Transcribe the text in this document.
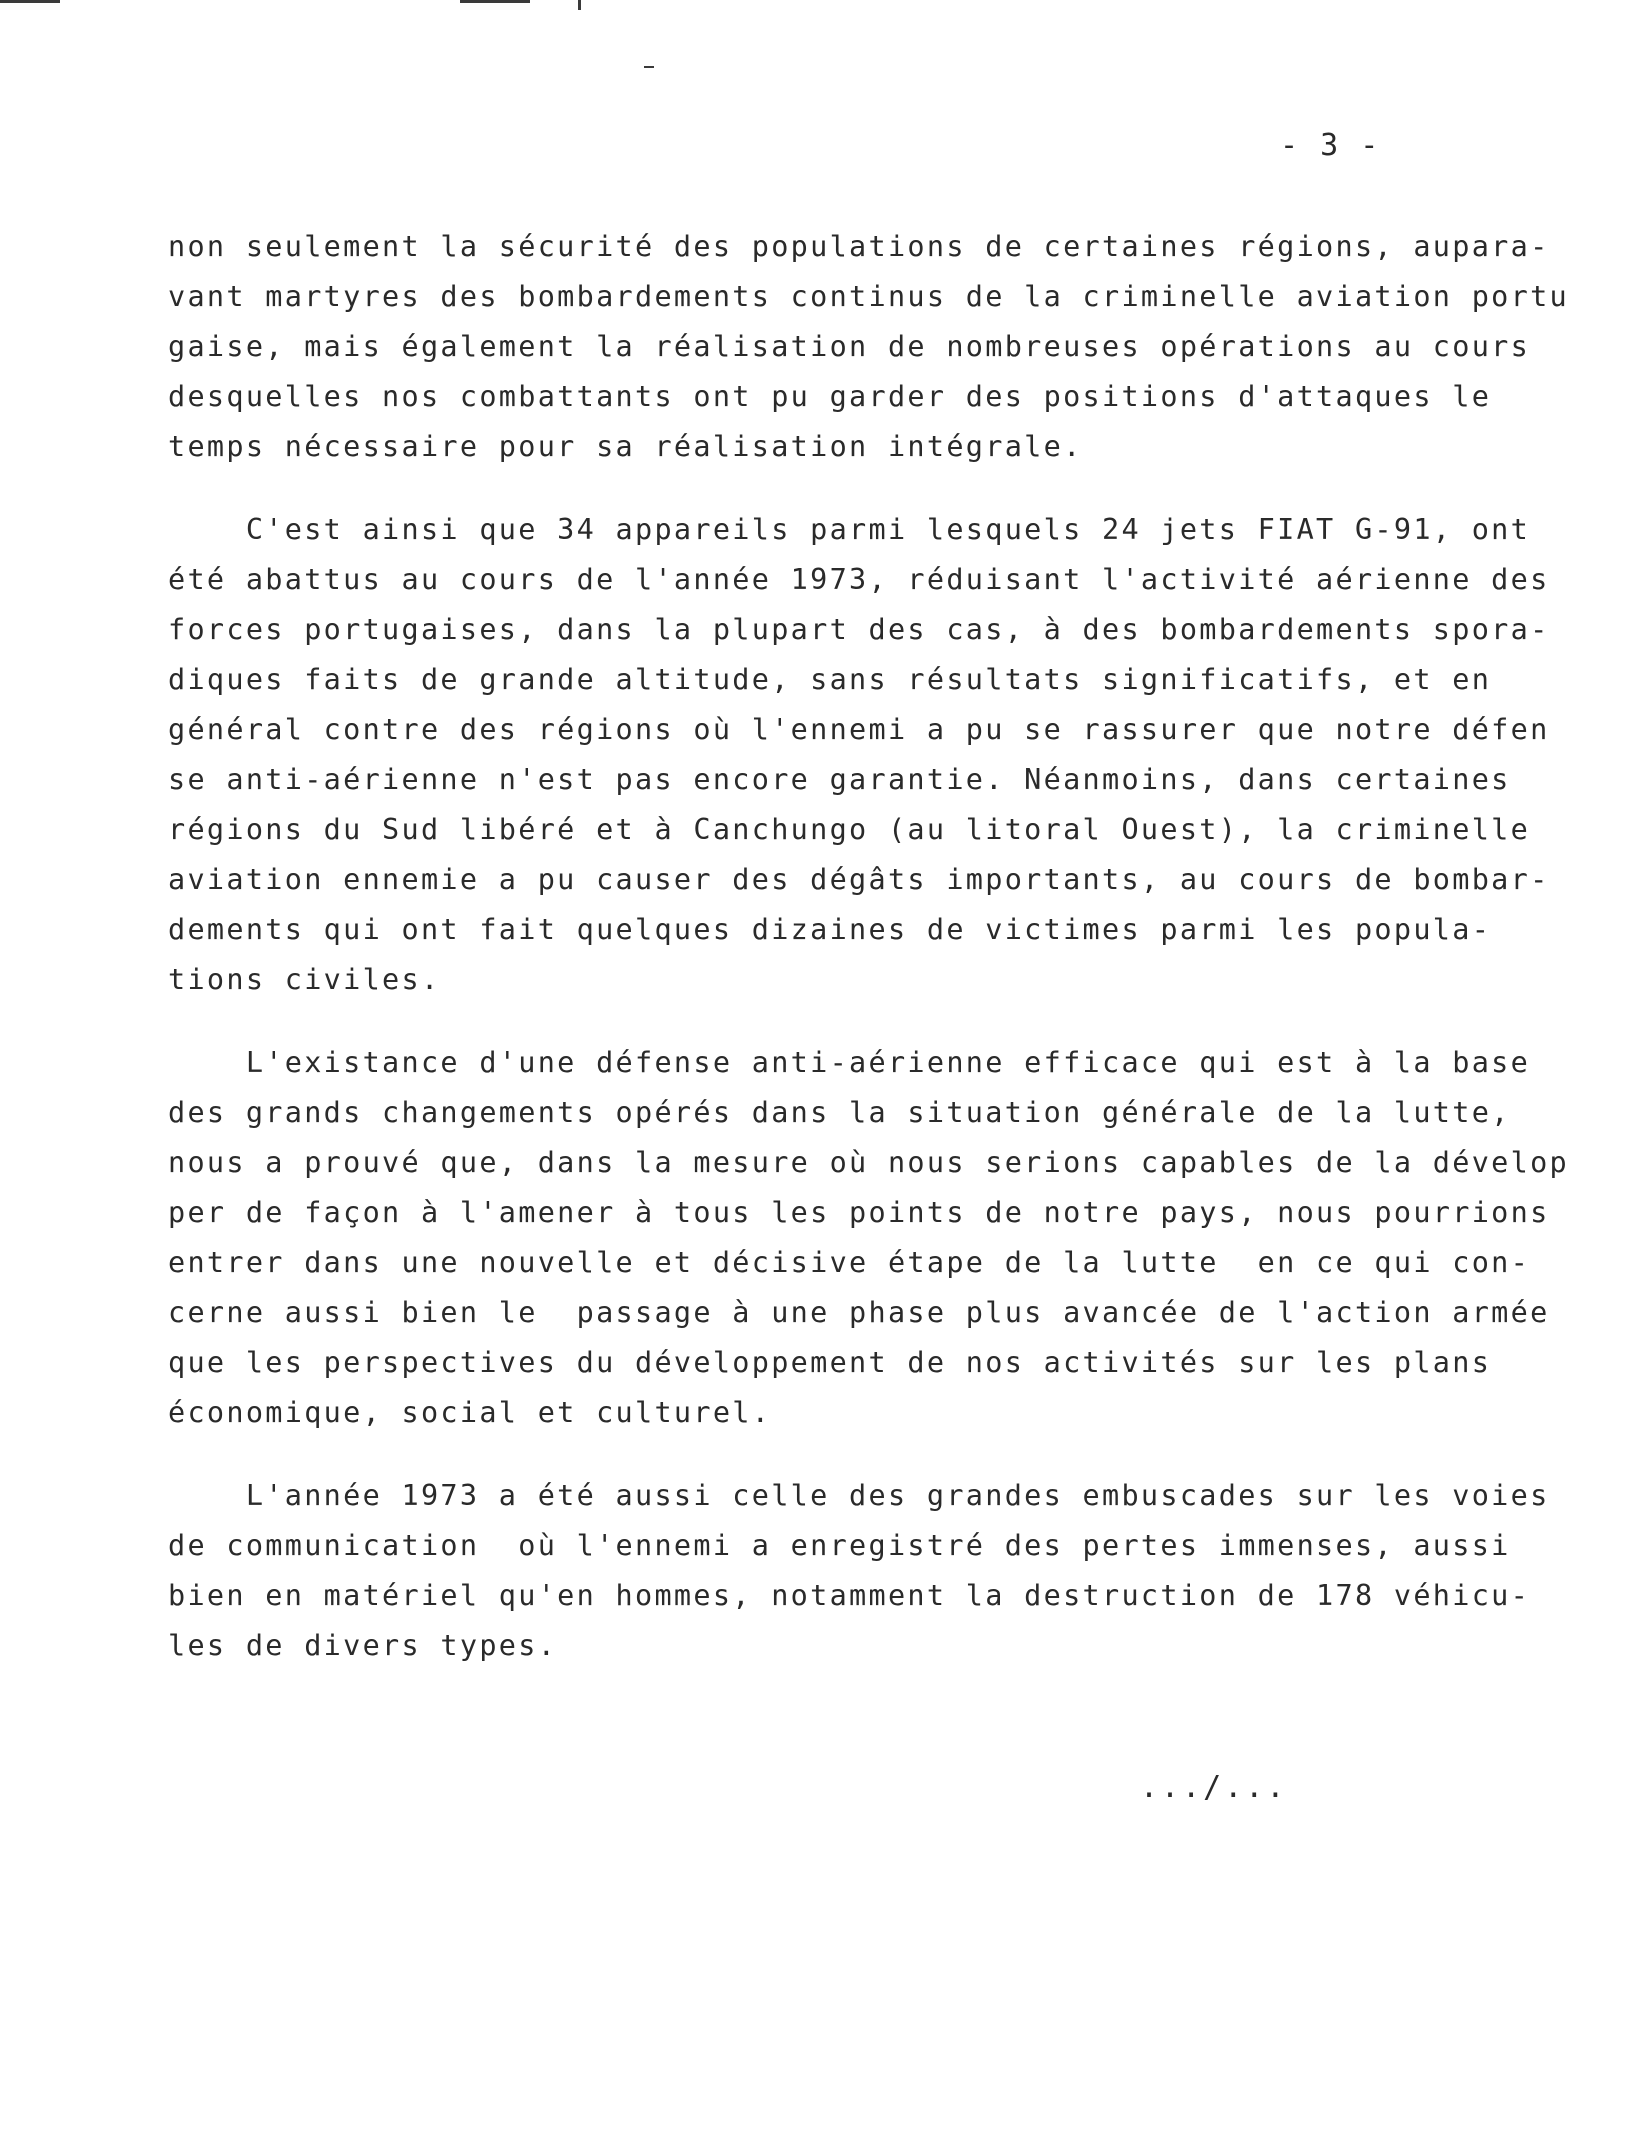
- 3 -
non seulement la sécurité des populations de certaines régions, aupara-
vant martyres des bombardements continus de la criminelle aviation portu
gaise, mais également la réalisation de nombreuses opérations au cours
desquelles nos combattants ont pu garder des positions d'attaques le
temps nécessaire pour sa réalisation intégrale.
C'est ainsi que 34 appareils parmi lesquels 24 jets FIAT G-91, ont
été abattus au cours de l'année 1973, réduisant l'activité aérienne des
forces portugaises, dans la plupart des cas, à des bombardements spora-
diques faits de grande altitude, sans résultats significatifs, et en
général contre des régions où l'ennemi a pu se rassurer que notre défen
se anti-aérienne n'est pas encore garantie. Néanmoins, dans certaines
régions du Sud libéré et à Canchungo (au litoral Ouest), la criminelle
aviation ennemie a pu causer des dégâts importants, au cours de bombar-
dements qui ont fait quelques dizaines de victimes parmi les popula-
tions civiles.
L'existance d'une défense anti-aérienne efficace qui est à la base
des grands changements opérés dans la situation générale de la lutte,
nous a prouvé que, dans la mesure où nous serions capables de la dévelop
per de façon à l'amener à tous les points de notre pays, nous pourrions
entrer dans une nouvelle et décisive étape de la lutte  en ce qui con-
cerne aussi bien le  passage à une phase plus avancée de l'action armée
que les perspectives du développement de nos activités sur les plans
économique, social et culturel.
L'année 1973 a été aussi celle des grandes embuscades sur les voies
de communication  où l'ennemi a enregistré des pertes immenses, aussi
bien en matériel qu'en hommes, notamment la destruction de 178 véhicu-
les de divers types.
.../...
